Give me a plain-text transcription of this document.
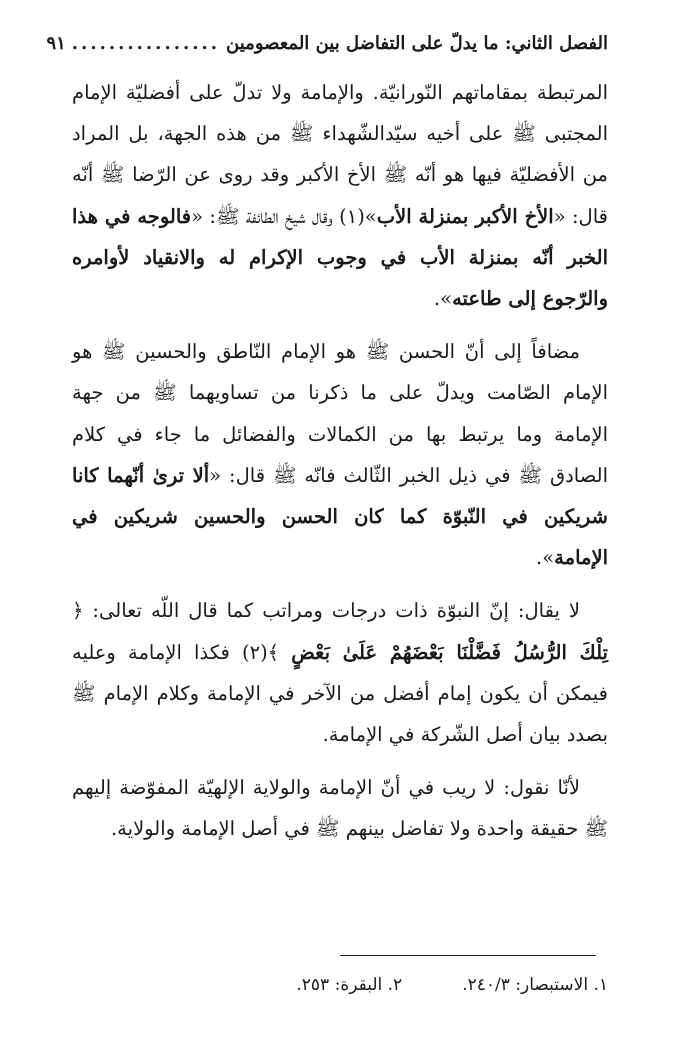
الفصل الثاني: ما يدلّ على التفاضل بين المعصومين
................
٩١

المرتبطة بمقاماتهم النّورانيّة. والإمامة ولا تدلّ على أفضليّة الإمام المجتبى ﷺ على أخيه سيّدالشّهداء ﷺ من هذه الجهة، بل المراد من الأفضليّة فيها هو أنّه ﷺ الأخ الأكبر وقد روى عن الرّضا ﷺ أنّه قال: «الأخ الأكبر بمنزلة الأب»(١) وقال شيخ الطائفة ﷺ: «فالوجه في هذا الخبر أنّه بمنزلة الأب في وجوب الإكرام له والانقياد لأوامره والرّجوع إلى طاعته».

مضافاً إلى أنّ الحسن ﷺ هو الإمام النّاطق والحسين ﷺ هو الإمام الصّامت ويدلّ على ما ذكرنا من تساويهما ﷺ من جهة الإمامة وما يرتبط بها من الكمالات والفضائل ما جاء في كلام الصادق ﷺ في ذيل الخبر الثّالث فانّه ﷺ قال: «ألا ترىٰ أنّهما كانا شريكين في النّبوّة كما كان الحسن والحسين شريكين في الإمامة».

لا يقال: إنّ النبوّة ذات درجات ومراتب كما قال اللّه تعالى: ﴿ تِلْكَ الرُّسُلُ فَضَّلْنَا بَعْضَهُمْ عَلَىٰ بَعْضٍ ﴾(٢) فكذا الإمامة وعليه فيمكن أن يكون إمام أفضل من الآخر في الإمامة وكلام الإمام ﷺ بصدد بيان أصل الشّركة في الإمامة.

لأنّا نقول: لا ريب في أنّ الإمامة والولاية الإلهيّة المفوّضة إليهم ﷺ حقيقة واحدة ولا تفاضل بينهم ﷺ في أصل الإمامة والولاية.

١. الاستبصار: ٢٤٠/٣.
٢. البقرة: ٢٥٣.
